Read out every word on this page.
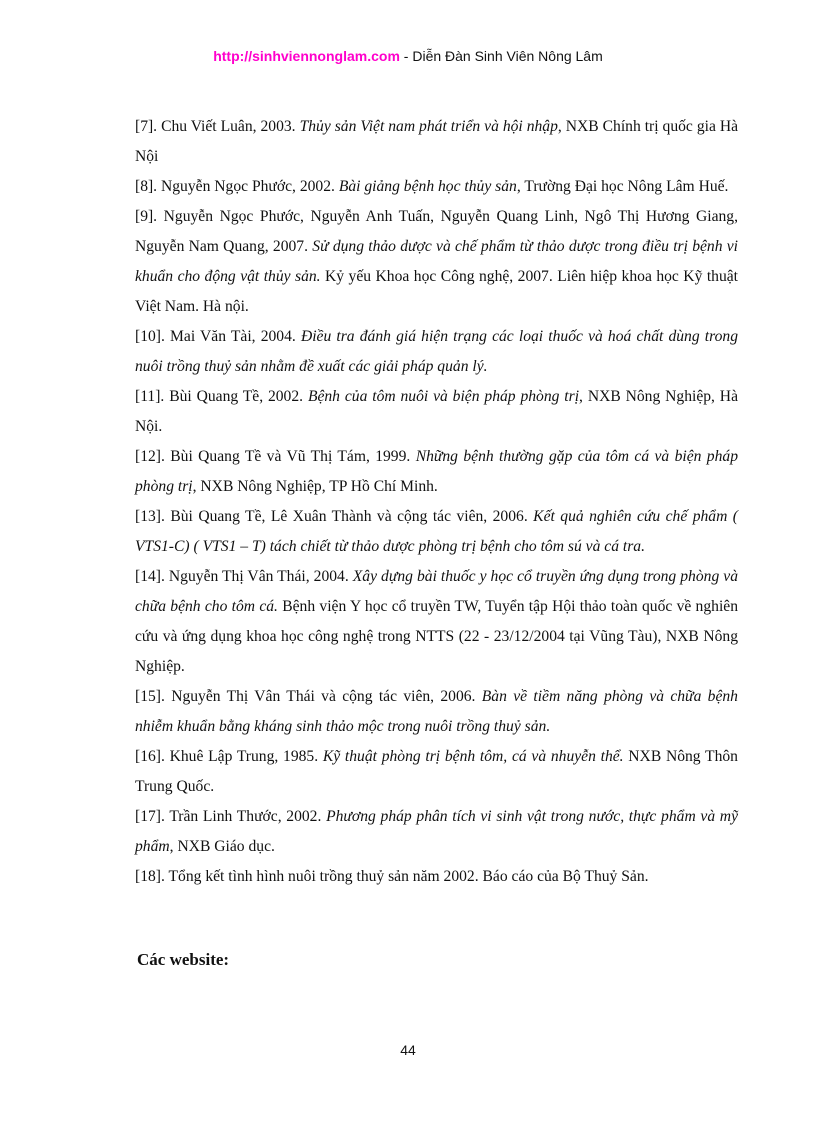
http://sinhviennonglam.com - Diễn Đàn Sinh Viên Nông Lâm

[7]. Chu Viết Luân, 2003. Thủy sản Việt nam phát triển và hội nhập, NXB Chính trị quốc gia Hà Nội

[8]. Nguyễn Ngọc Phước, 2002. Bài giảng bệnh học thủy sản, Trường Đại học Nông Lâm Huế.

[9]. Nguyễn Ngọc Phước, Nguyễn Anh Tuấn, Nguyễn Quang Linh, Ngô Thị Hương Giang, Nguyễn Nam Quang, 2007. Sử dụng thảo dược và chế phẩm từ thảo dược trong điều trị bệnh vi khuẩn cho động vật thủy sản. Kỷ yếu Khoa học Công nghệ, 2007. Liên hiệp khoa học Kỹ thuật Việt Nam. Hà nội.

[10]. Mai Văn Tài, 2004. Điều tra đánh giá hiện trạng các loại thuốc và hoá chất dùng trong nuôi trồng thuỷ sản nhằm đề xuất các giải pháp quản lý.

[11]. Bùi Quang Tề, 2002. Bệnh của tôm nuôi và biện pháp phòng trị, NXB Nông Nghiệp, Hà Nội.

[12]. Bùi Quang Tề và Vũ Thị Tám, 1999. Những bệnh thường gặp của tôm cá và biện pháp phòng trị, NXB Nông Nghiệp, TP Hồ Chí Minh.

[13]. Bùi Quang Tề, Lê Xuân Thành và cộng tác viên, 2006. Kết quả nghiên cứu chế phẩm ( VTS1-C) ( VTS1 – T) tách chiết từ thảo dược phòng trị bệnh cho tôm sú và cá tra.

[14]. Nguyễn Thị Vân Thái, 2004. Xây dựng bài thuốc y học cổ truyền ứng dụng trong phòng và chữa bệnh cho tôm cá. Bệnh viện Y học cổ truyền TW, Tuyển tập Hội thảo toàn quốc về nghiên cứu và ứng dụng khoa học công nghệ trong NTTS (22 - 23/12/2004 tại Vũng Tàu), NXB Nông Nghiệp.

[15]. Nguyễn Thị Vân Thái và cộng tác viên, 2006. Bàn về tiềm năng phòng và chữa bệnh nhiễm khuẩn bằng kháng sinh thảo mộc trong nuôi trồng thuỷ sản.

[16]. Khuê Lập Trung, 1985. Kỹ thuật phòng trị bệnh tôm, cá và nhuyễn thể. NXB Nông Thôn Trung Quốc.

[17]. Trần Linh Thước, 2002. Phương pháp phân tích vi sinh vật trong nước, thực phẩm và mỹ phẩm, NXB Giáo dục.

[18]. Tổng kết tình hình nuôi trồng thuỷ sản năm 2002. Báo cáo của Bộ Thuỷ Sản.

Các website:
44
